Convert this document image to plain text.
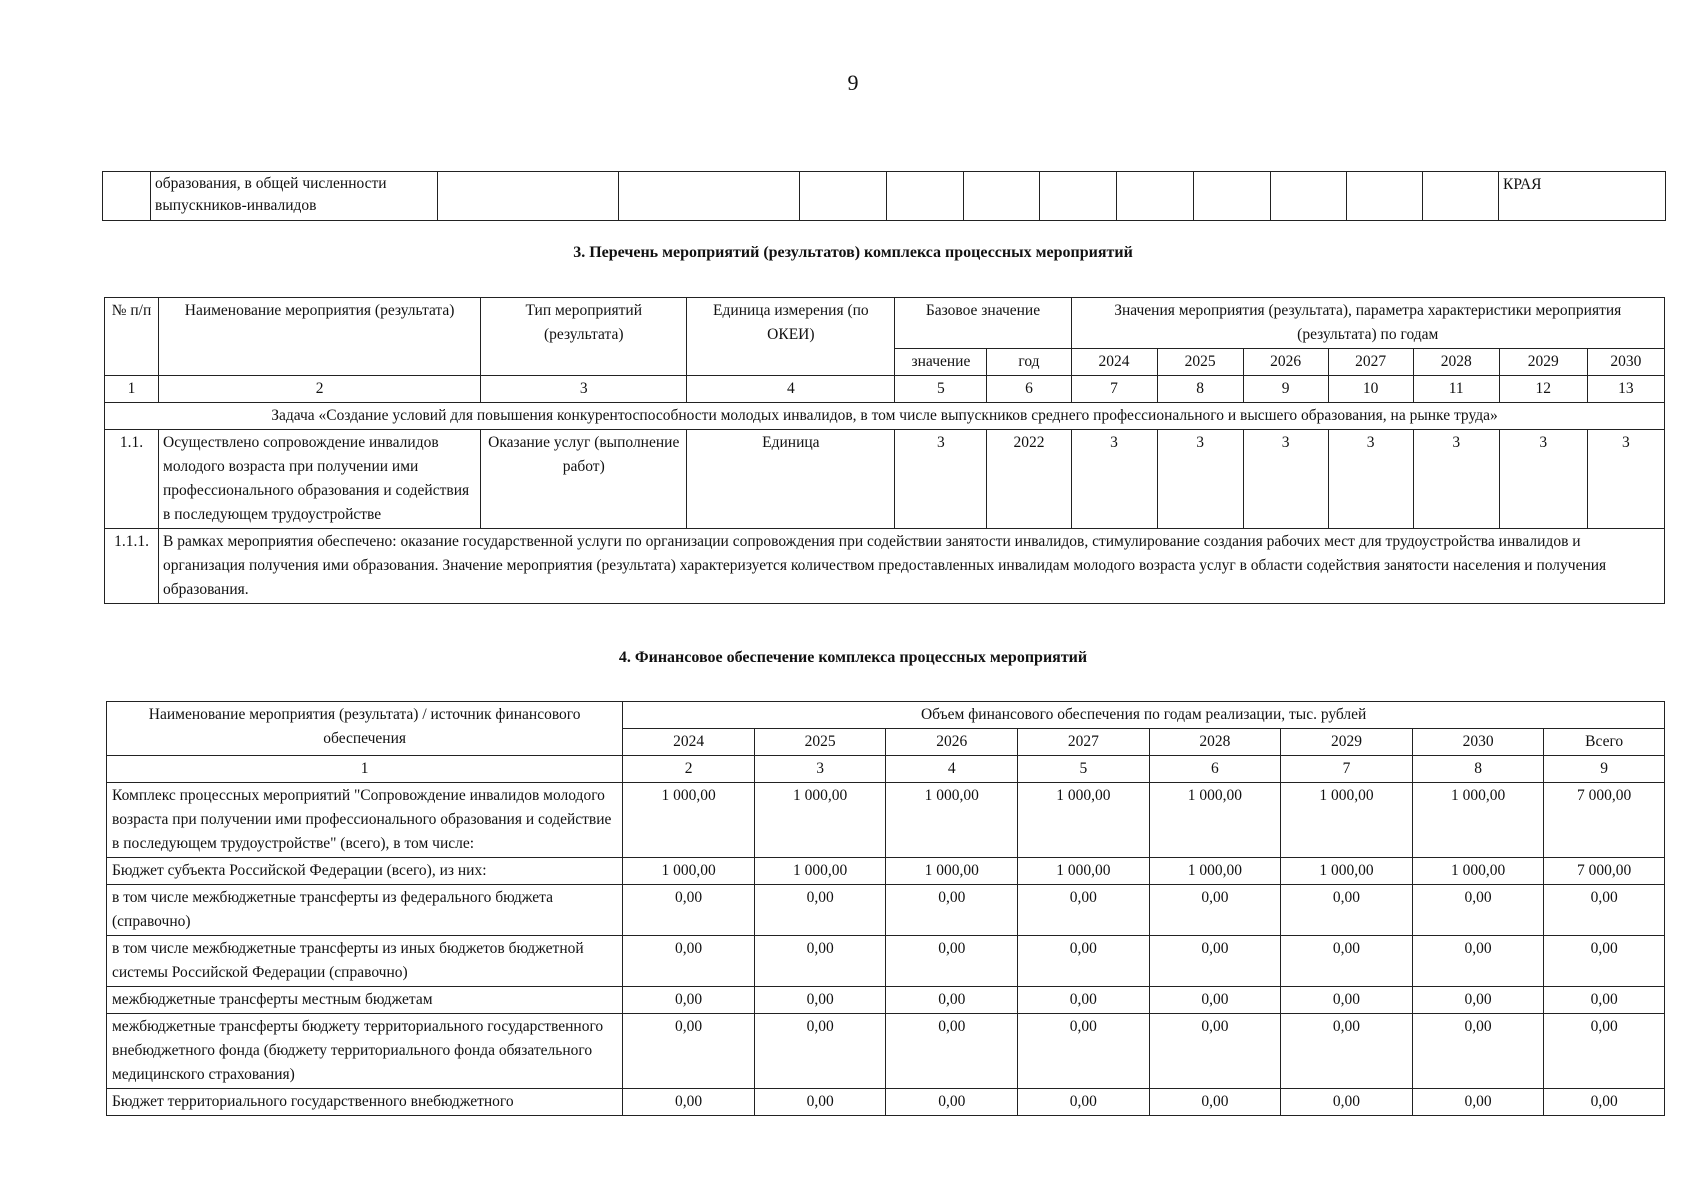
9
	образования, в общей численности выпускников-инвалидов												КРАЯ
3. Перечень мероприятий (результатов) комплекса процессных мероприятий
№ п/п	Наименование мероприятия (результата)	Тип мероприятий (результата)	Единица измерения (по ОКЕИ)	Базовое значение		Значения мероприятия (результата), параметра характеристики мероприятия (результата) по годам						
				значение	год	2024	2025	2026	2027	2028	2029	2030
1	2	3	4	5	6	7	8	9	10	11	12	13
Задача «Создание условий для повышения конкурентоспособности молодых инвалидов, в том числе выпускников среднего профессионального и высшего образования, на рынке труда»												
1.1.	Осуществлено сопровождение инвалидов молодого возраста при получении ими профессионального образования и содействия в последующем трудоустройстве	Оказание услуг (выполнение работ)	Единица	3	2022	3	3	3	3	3	3	3
1.1.1.	В рамках мероприятия обеспечено: оказание государственной услуги по организации сопровождения при содействии занятости инвалидов, стимулирование создания рабочих мест для трудоустройства инвалидов и организация получения ими образования. Значение мероприятия (результата) характеризуется количеством предоставленных инвалидам молодого возраста услуг в области содействия занятости населения и получения образования.											
4. Финансовое обеспечение комплекса процессных мероприятий
Наименование мероприятия (результата) / источник финансового обеспечения	Объем финансового обеспечения по годам реализации, тыс. рублей							
	2024	2025	2026	2027	2028	2029	2030	Всего
1	2	3	4	5	6	7	8	9
Комплекс процессных мероприятий "Сопровождение инвалидов молодого возраста при получении ими профессионального образования и содействие в последующем трудоустройстве" (всего), в том числе:	1 000,00	1 000,00	1 000,00	1 000,00	1 000,00	1 000,00	1 000,00	7 000,00
Бюджет субъекта Российской Федерации (всего), из них:	1 000,00	1 000,00	1 000,00	1 000,00	1 000,00	1 000,00	1 000,00	7 000,00
в том числе межбюджетные трансферты из федерального бюджета (справочно)	0,00	0,00	0,00	0,00	0,00	0,00	0,00	0,00
в том числе межбюджетные трансферты из иных бюджетов бюджетной системы Российской Федерации (справочно)	0,00	0,00	0,00	0,00	0,00	0,00	0,00	0,00
межбюджетные трансферты местным бюджетам	0,00	0,00	0,00	0,00	0,00	0,00	0,00	0,00
межбюджетные трансферты бюджету территориального государственного внебюджетного фонда (бюджету территориального фонда обязательного медицинского страхования)	0,00	0,00	0,00	0,00	0,00	0,00	0,00	0,00
Бюджет территориального государственного внебюджетного	0,00	0,00	0,00	0,00	0,00	0,00	0,00	0,00
